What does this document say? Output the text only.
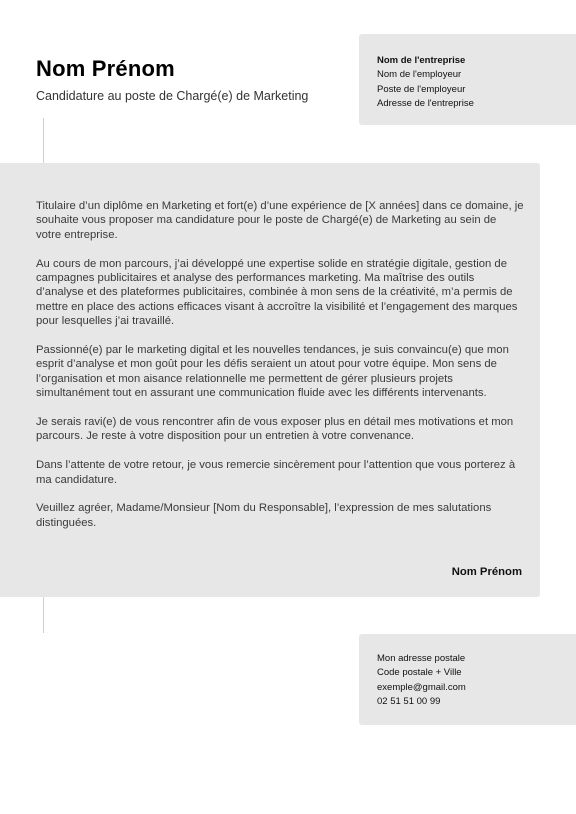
Nom Prénom
Candidature au poste de Chargé(e) de Marketing
Nom de l'entreprise
Nom de l'employeur
Poste de l'employeur
Adresse de l'entreprise

Titulaire d’un diplôme en Marketing et fort(e) d’une expérience de [X années] dans ce domaine, je souhaite vous proposer ma candidature pour le poste de Chargé(e) de Marketing au sein de votre entreprise.

Au cours de mon parcours, j’ai développé une expertise solide en stratégie digitale, gestion de campagnes publicitaires et analyse des performances marketing. Ma maîtrise des outils d’analyse et des plateformes publicitaires, combinée à mon sens de la créativité, m’a permis de mettre en place des actions efficaces visant à accroître la visibilité et l’engagement des marques pour lesquelles j’ai travaillé.

Passionné(e) par le marketing digital et les nouvelles tendances, je suis convaincu(e) que mon esprit d’analyse et mon goût pour les défis seraient un atout pour votre équipe. Mon sens de l’organisation et mon aisance relationnelle me permettent de gérer plusieurs projets simultanément tout en assurant une communication fluide avec les différents intervenants.

Je serais ravi(e) de vous rencontrer afin de vous exposer plus en détail mes motivations et mon parcours. Je reste à votre disposition pour un entretien à votre convenance.

Dans l’attente de votre retour, je vous remercie sincèrement pour l’attention que vous porterez à ma candidature.

Veuillez agréer, Madame/Monsieur [Nom du Responsable], l’expression de mes salutations distinguées.

Nom Prénom
Mon adresse postale
Code postale + Ville
exemple@gmail.com
02 51 51 00 99
